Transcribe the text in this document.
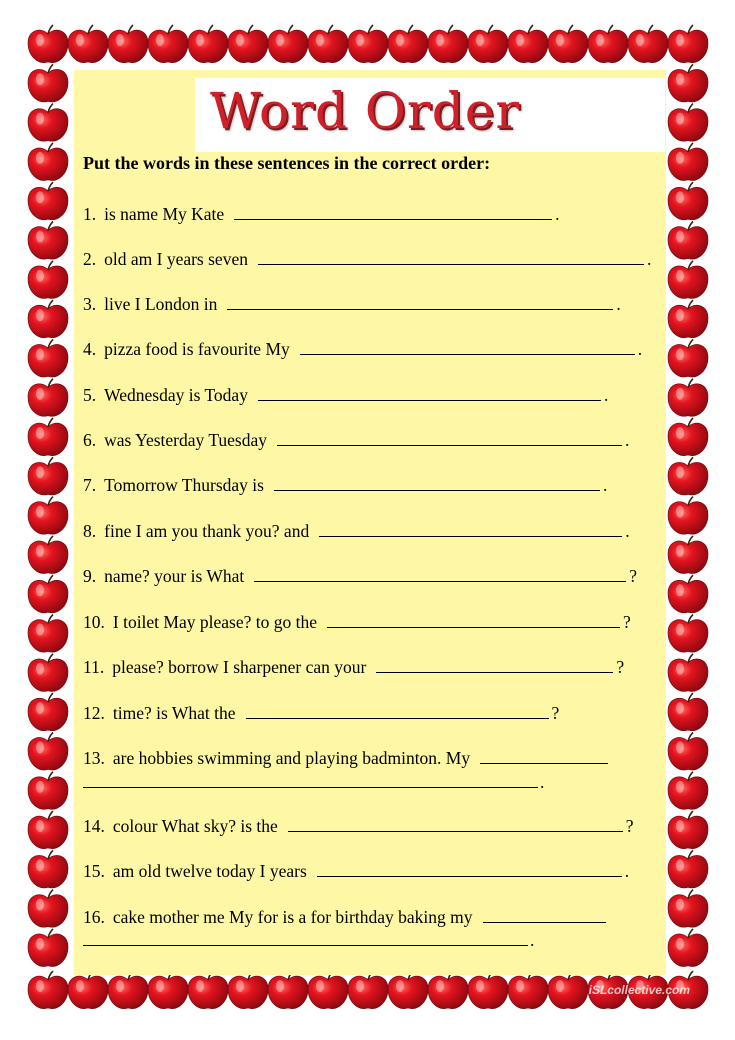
Word Order

Put the words in these sentences in the correct order:

1. is name My Kate	.
2. old am I years seven	.
3. live I London in	.
4. pizza food is favourite My	.
5. Wednesday is Today	.
6. was Yesterday Tuesday	.
7. Tomorrow Thursday is	.
8. fine I am you thank you? and	.
9. name? your is What	?
10. I toilet May please? to go the	?
11. please? borrow I sharpener can your	?
12. time? is What the	?
13. are hobbies swimming and playing badminton. My
.
14. colour What sky? is the	?
15. am old twelve today I years	.
16. cake mother me My for is a for birthday baking my
.
iSLcollective.com
